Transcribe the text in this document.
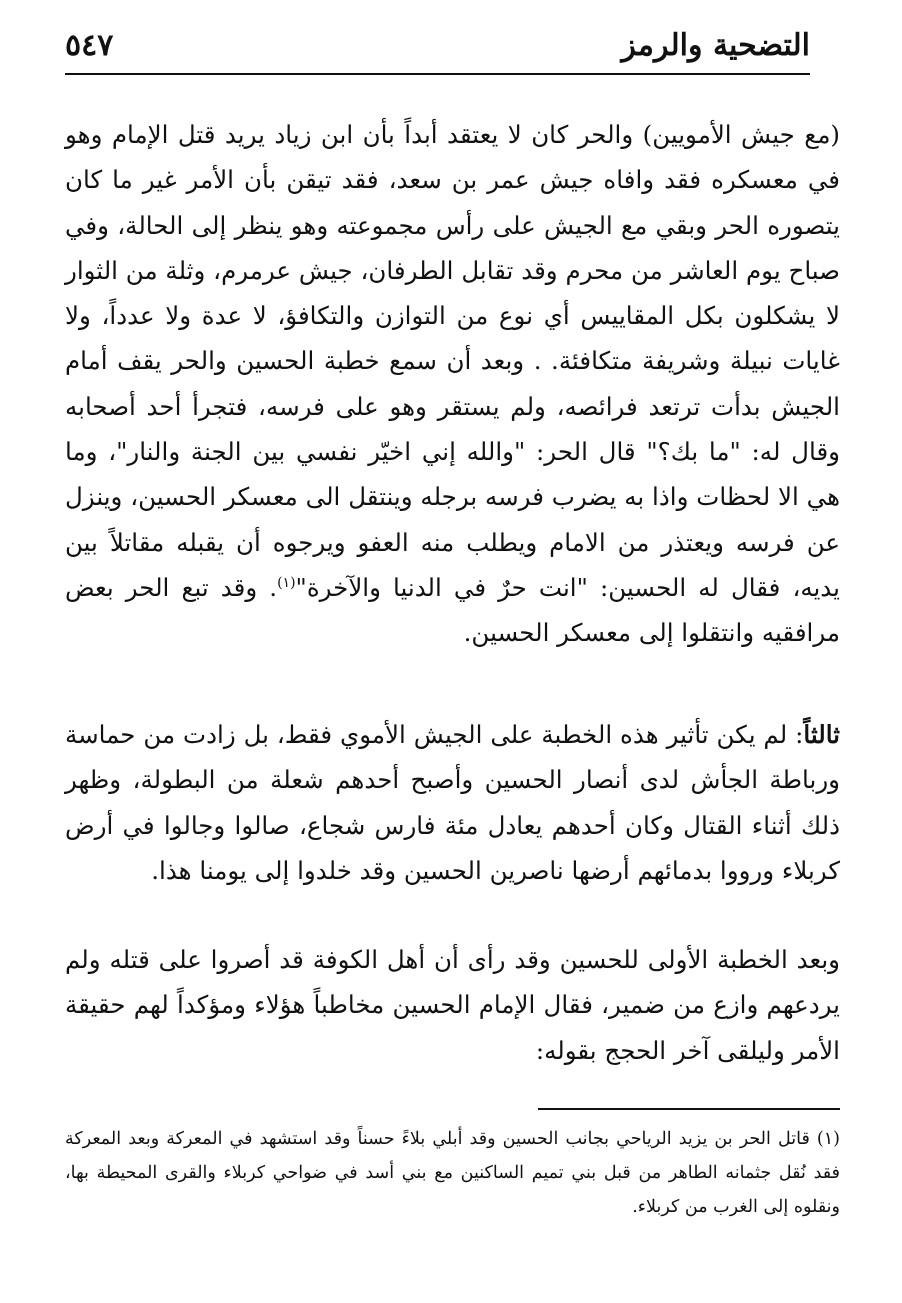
التضحية والرمز
٥٤٧
(مع جيش الأمويين) والحر كان لا يعتقد أبداً بأن ابن زياد يريد قتل الإمام وهو في معسكره فقد وافاه جيش عمر بن سعد، فقد تيقن بأن الأمر غير ما كان يتصوره الحر وبقي مع الجيش على رأس مجموعته وهو ينظر إلى الحالة، وفي صباح يوم العاشر من محرم وقد تقابل الطرفان، جيش عرمرم، وثلة من الثوار لا يشكلون بكل المقاييس أي نوع من التوازن والتكافؤ، لا عدة ولا عدداً، ولا غايات نبيلة وشريفة متكافئة. . وبعد أن سمع خطبة الحسين والحر يقف أمام الجيش بدأت ترتعد فرائصه، ولم يستقر وهو على فرسه، فتجرأ أحد أصحابه وقال له: "ما بك؟" قال الحر: "والله إني اخيّر نفسي بين الجنة والنار"، وما هي الا لحظات واذا به يضرب فرسه برجله وينتقل الى معسكر الحسين، وينزل عن فرسه ويعتذر من الامام ويطلب منه العفو ويرجوه أن يقبله مقاتلاً بين يديه، فقال له الحسين: "انت حرٌ في الدنيا والآخرة"$^{(١)}$. وقد تبع الحر بعض مرافقيه وانتقلوا إلى معسكر الحسين.
ثالثاً: لم يكن تأثير هذه الخطبة على الجيش الأموي فقط، بل زادت من حماسة ورباطة الجأش لدى أنصار الحسين وأصبح أحدهم شعلة من البطولة، وظهر ذلك أثناء القتال وكان أحدهم يعادل مئة فارس شجاع، صالوا وجالوا في أرض كربلاء ورووا بدمائهم أرضها ناصرين الحسين وقد خلدوا إلى يومنا هذا.
وبعد الخطبة الأولى للحسين وقد رأى أن أهل الكوفة قد أصروا على قتله ولم يردعهم وازع من ضمير، فقال الإمام الحسين مخاطباً هؤلاء ومؤكداً لهم حقيقة الأمر وليلقى آخر الحجج بقوله:
(١) قاتل الحر بن يزيد الرياحي بجانب الحسين وقد أبلي بلاءً حسناً وقد استشهد في المعركة وبعد المعركة فقد نُقل جثمانه الطاهر من قبل بني تميم الساكنين مع بني أسد في ضواحي كربلاء والقرى المحيطة بها، ونقلوه إلى الغرب من كربلاء.
